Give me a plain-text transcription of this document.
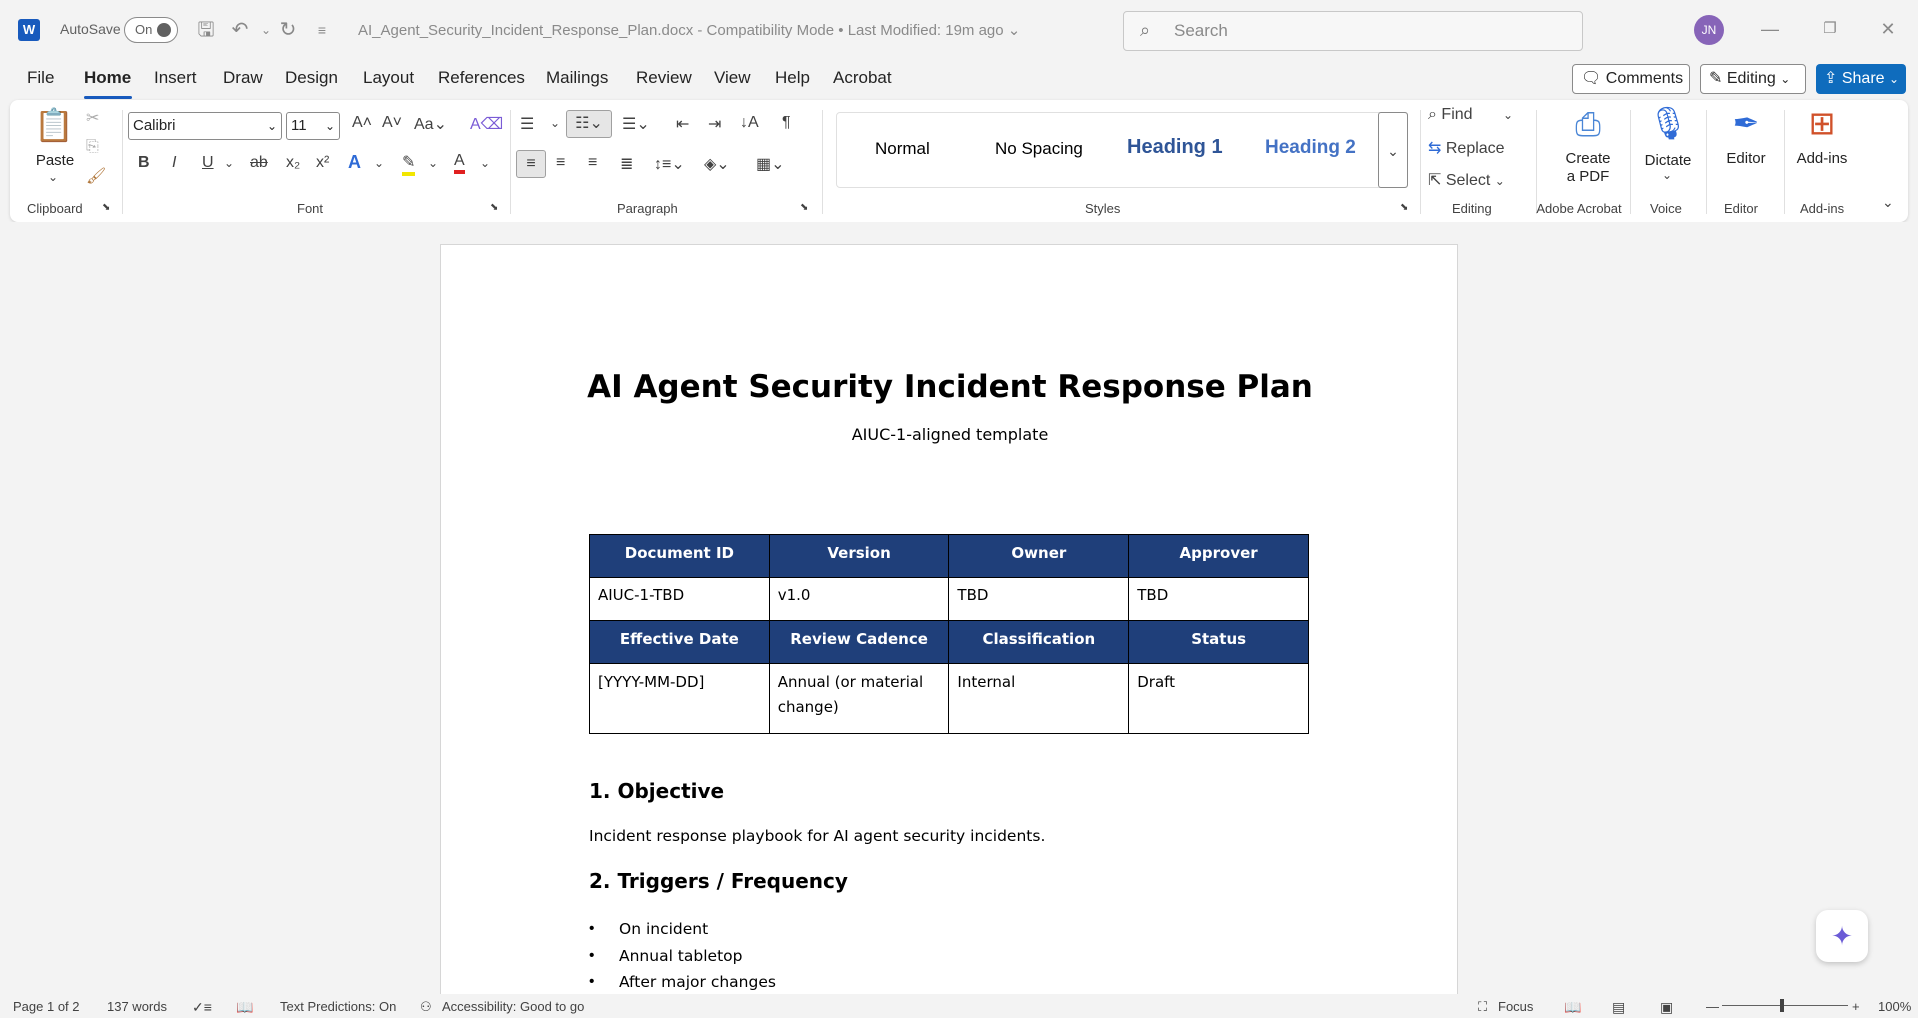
W	AutoSave On 🖫 ↶	⌄ ↻	≡	AI_Agent_Security_Incident_Response_Plan.docx - Compatibility Mode • Last Modified: 19m ago ⌄	⌕ Search	JN	—	❐	✕
File Home Insert Draw Design Layout References Mailings Review View Help Acrobat	🗨 Comments	✎ Editing ⌄	⇪ Share ⌄
📋
Paste
⌄
✂
⎘
🖌
Clipboard ⬊
Calibri	⌄ 11 ⌄ A˄ A˅ Aa⌄ A⌫
B I U ⌄ ab x₂ x² A ⌄ ✎ ⌄ A ⌄
Font	⬊
☰ ⌄ ☷⌄	☰⌄ ⇤ ⇥ ↓A ¶
≡	≡ ≡ ≣ ↕≡⌄ ◈⌄ ▦⌄
Paragraph	⬊
Normal	No Spacing Heading 1 Heading 2	⌄
Styles	⬊
⌕ Find	⌄
⇆ Replace
⇱ Select ⌄
Editing
⎙
Create
a PDF
Adobe Acrobat
🎙
Dictate
⌄
Voice
✒
Editor
Editor
⊞
Add-ins
Add-ins	⌄
AI Agent Security Incident Response Plan
AIUC-1-aligned template
Document ID	Version	Owner	Approver
AIUC-1-TBD	v1.0	TBD	TBD
Effective Date	Review Cadence	Classification	Status
[YYYY-MM-DD]	Annual (or material change)	Internal	Draft
1. Objective
Incident response playbook for AI agent security incidents.
2. Triggers / Frequency
• On incident
• Annual tabletop
• After major changes
✦
Page 1 of 2 137 words ✓≡ 📖 Text Predictions: On ⚇ Accessibility: Good to go	⛶ Focus 📖 ▤ ▣	—	+ 100%
